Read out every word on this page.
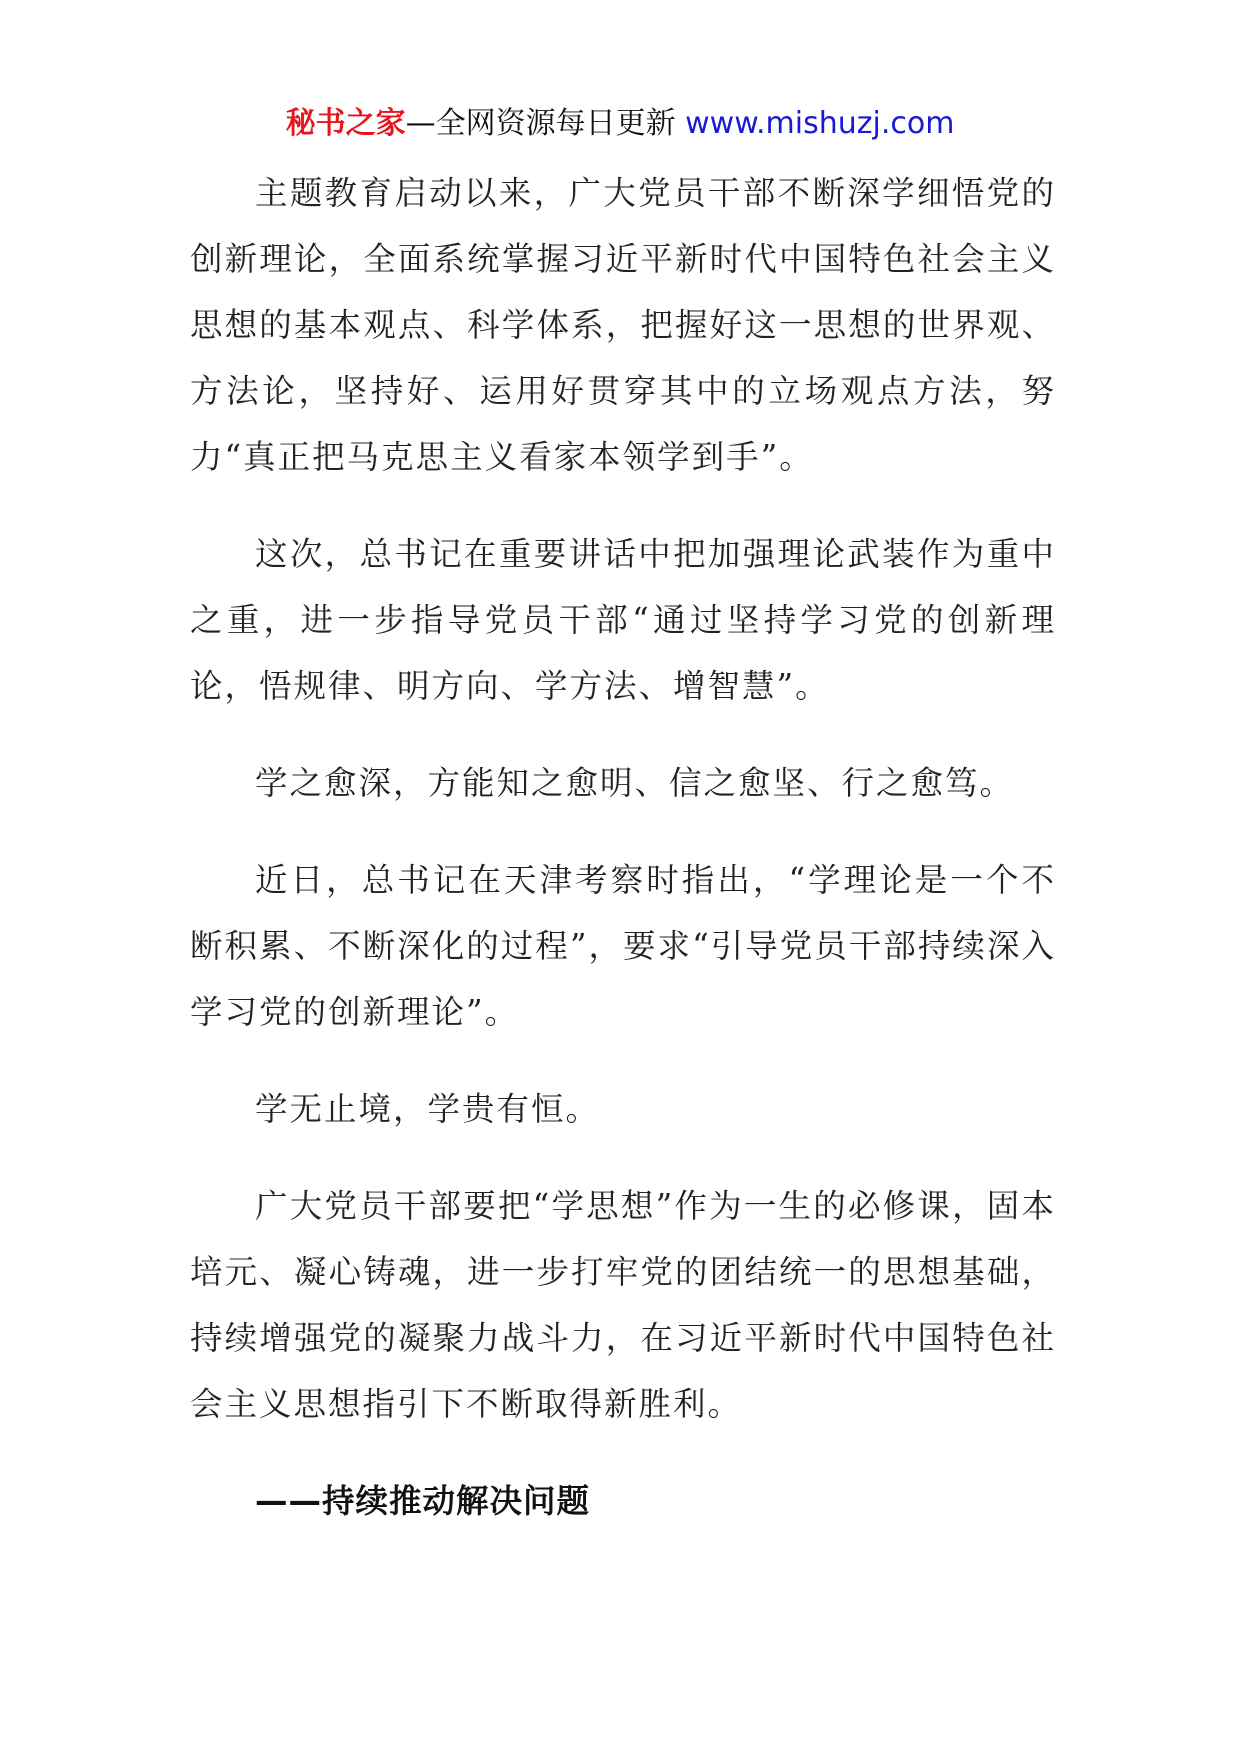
秘书之家—全网资源每日更新 www.mishuzj.com

主题教育启动以来，广大党员干部不断深学细悟党的创新理论，全面系统掌握习近平新时代中国特色社会主义思想的基本观点、科学体系，把握好这一思想的世界观、方法论，坚持好、运用好贯穿其中的立场观点方法，努力“真正把马克思主义看家本领学到手”。

这次，总书记在重要讲话中把加强理论武装作为重中之重，进一步指导党员干部“通过坚持学习党的创新理论，悟规律、明方向、学方法、增智慧”。

学之愈深，方能知之愈明、信之愈坚、行之愈笃。

近日，总书记在天津考察时指出，“学理论是一个不断积累、不断深化的过程”，要求“引导党员干部持续深入学习党的创新理论”。

学无止境，学贵有恒。

广大党员干部要把“学思想”作为一生的必修课，固本培元、凝心铸魂，进一步打牢党的团结统一的思想基础，持续增强党的凝聚力战斗力，在习近平新时代中国特色社会主义思想指引下不断取得新胜利。

——持续推动解决问题
